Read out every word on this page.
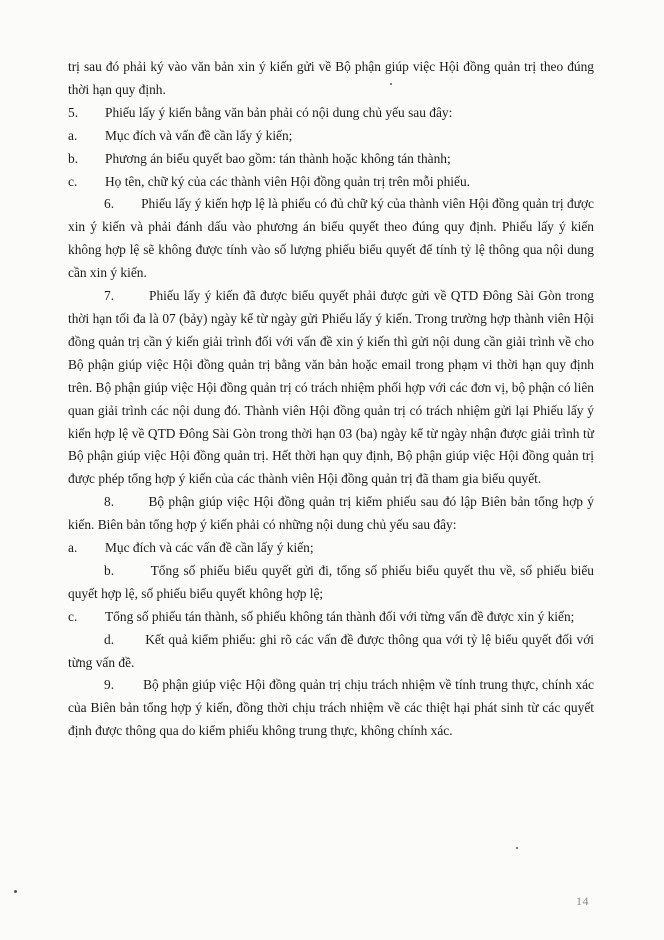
trị sau đó phải ký vào văn bản xin ý kiến gửi về Bộ phận giúp việc Hội đồng quản trị theo đúng thời hạn quy định.

5.	Phiếu lấy ý kiến bằng văn bản phải có nội dung chủ yếu sau đây:
a.	Mục đích và vấn đề cần lấy ý kiến;
b.	Phương án biểu quyết bao gồm: tán thành hoặc không tán thành;
c.	Họ tên, chữ ký của các thành viên Hội đồng quản trị trên mỗi phiếu.

6. Phiếu lấy ý kiến hợp lệ là phiếu có đủ chữ ký của thành viên Hội đồng quản trị được xin ý kiến và phải đánh dấu vào phương án biểu quyết theo đúng quy định. Phiếu lấy ý kiến không hợp lệ sẽ không được tính vào số lượng phiếu biểu quyết để tính tỷ lệ thông qua nội dung cần xin ý kiến.

7.	Phiếu lấy ý kiến đã được biểu quyết phải được gửi về QTD Đông Sài Gòn trong thời hạn tối đa là 07 (bảy) ngày kể từ ngày gửi Phiếu lấy ý kiến. Trong trường hợp thành viên Hội đồng quản trị cần ý kiến giải trình đối với vấn đề xin ý kiến thì gửi nội dung cần giải trình về cho Bộ phận giúp việc Hội đồng quản trị bằng văn bản hoặc email trong phạm vi thời hạn quy định trên. Bộ phận giúp việc Hội đồng quản trị có trách nhiệm phối hợp với các đơn vị, bộ phận có liên quan giải trình các nội dung đó. Thành viên Hội đồng quản trị có trách nhiệm gửi lại Phiếu lấy ý kiến hợp lệ về QTD Đông Sài Gòn trong thời hạn 03 (ba) ngày kể từ ngày nhận được giải trình từ Bộ phận giúp việc Hội đồng quản trị. Hết thời hạn quy định, Bộ phận giúp việc Hội đồng quản trị được phép tổng hợp ý kiến của các thành viên Hội đồng quản trị đã tham gia biểu quyết.

8.	Bộ phận giúp việc Hội đồng quản trị kiểm phiếu sau đó lập Biên bản tổng hợp ý kiến. Biên bản tổng hợp ý kiến phải có những nội dung chủ yếu sau đây:

a.	Mục đích và các vấn đề cần lấy ý kiến;

b.	Tổng số phiếu biểu quyết gửi đi, tổng số phiếu biểu quyết thu về, số phiếu biểu quyết hợp lệ, số phiếu biểu quyết không hợp lệ;

c.	Tổng số phiếu tán thành, số phiếu không tán thành đối với từng vấn đề được xin ý kiến;

d. Kết quả kiểm phiếu: ghi rõ các vấn đề được thông qua với tỷ lệ biểu quyết đối với từng vấn đề.

9. Bộ phận giúp việc Hội đồng quản trị chịu trách nhiệm về tính trung thực, chính xác của Biên bản tổng hợp ý kiến, đồng thời chịu trách nhiệm về các thiệt hại phát sinh từ các quyết định được thông qua do kiểm phiếu không trung thực, không chính xác.

14
